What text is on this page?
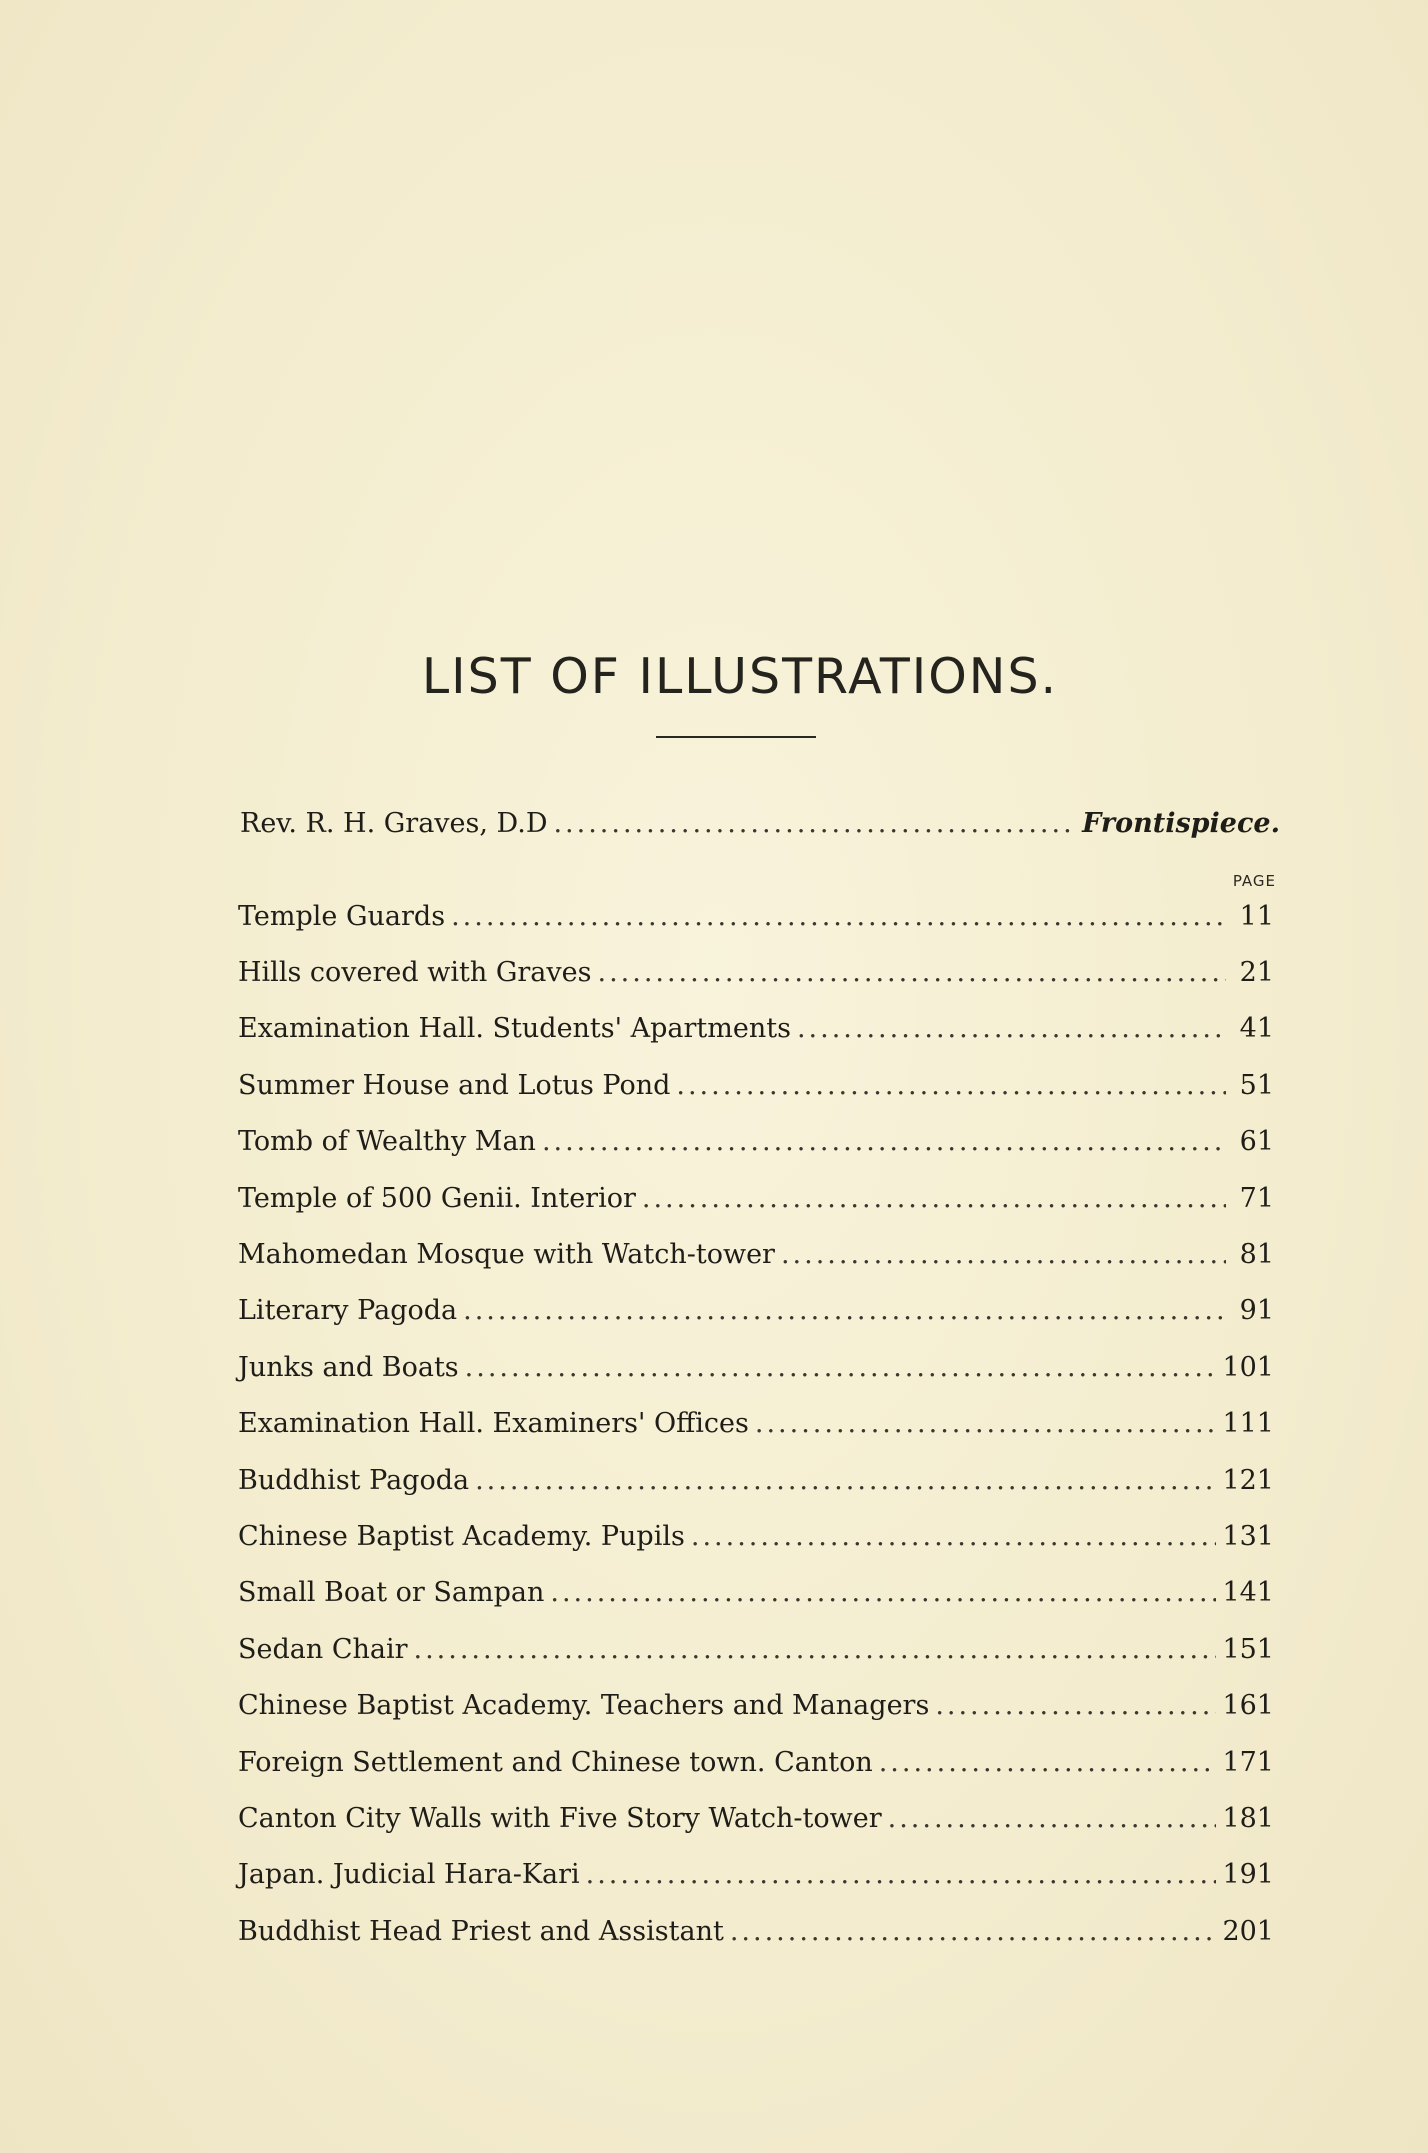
LIST OF ILLUSTRATIONS.
Rev. R. H. Graves, D.D .....	Frontispiece.
PAGE
Temple Guards .....	11
Hills covered with Graves .....	21
Examination Hall. Students' Apartments .....	41
Summer House and Lotus Pond .....	51
Tomb of Wealthy Man .....	61
Temple of 500 Genii. Interior .....	71
Mahomedan Mosque with Watch-tower .....	81
Literary Pagoda .....	91
Junks and Boats .....	101
Examination Hall. Examiners' Offices .....	111
Buddhist Pagoda .....	121
Chinese Baptist Academy. Pupils .....	131
Small Boat or Sampan .....	141
Sedan Chair .....	151
Chinese Baptist Academy. Teachers and Managers .....	161
Foreign Settlement and Chinese town. Canton .....	171
Canton City Walls with Five Story Watch-tower .....	181
Japan. Judicial Hara-Kari .....	191
Buddhist Head Priest and Assistant .....	201
